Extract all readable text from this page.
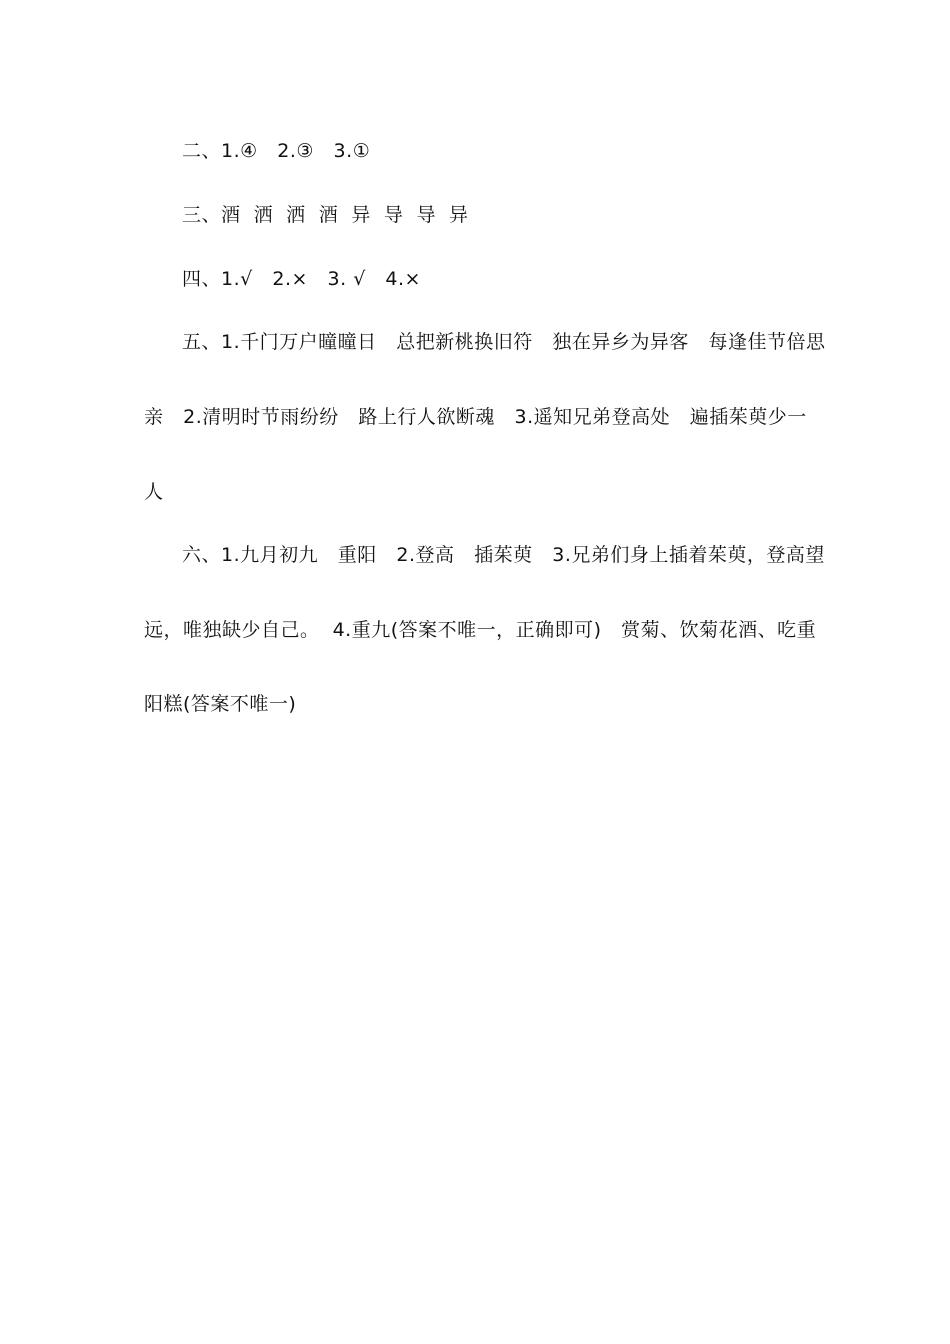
二、1.④   2.③   3.①
三、酒  洒  洒  酒  异  导  导  异
四、1.√   2.×   3. √   4.×
五、1.千门万户曈曈日   总把新桃换旧符   独在异乡为异客   每逢佳节倍思
亲   2.清明时节雨纷纷   路上行人欲断魂   3.遥知兄弟登高处   遍插茱萸少一
人
六、1.九月初九   重阳   2.登高   插茱萸   3.兄弟们身上插着茱萸，登高望
远，唯独缺少自己。  4.重九(答案不唯一，正确即可)   赏菊、饮菊花酒、吃重
阳糕(答案不唯一)
